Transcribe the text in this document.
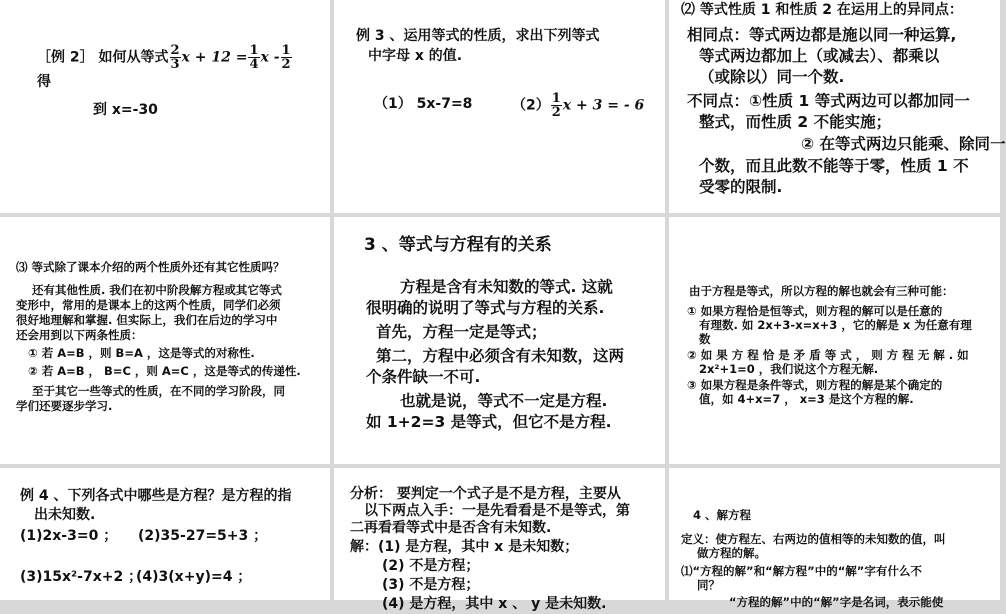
［例 2］ 如何从等式 $\frac{2}{3}$ $x + 12 = \frac{1}{4}$ x - $\frac{1}{2}$
得
到 x=-30
例 3 、运用等式的性质，求出下列等式
中字母 x 的值.
（1） 5x-7=8	$(2) \frac{1}{2}$ x + 3 = - 6
⑵ 等式性质 1 和性质 2 在运用上的异同点：
相同点：等式两边都是施以同一种运算,
等式两边都加上（或减去）、都乘以
（或除以）同一个数.
不同点：①性质 1 等式两边可以都加同一
整式，而性质 2 不能实施；
② 在等式两边只能乘、除同一
个数，而且此数不能等于零，性质 1 不
受零的限制.
⑶ 等式除了课本介绍的两个性质外还有其它性质吗？
还有其他性质. 我们在初中阶段解方程或其它等式
变形中，常用的是课本上的这两个性质，同学们必须
很好地理解和掌握. 但实际上，我们在后边的学习中
还会用到以下两条性质：
① 若 A=B ，则 B=A ，这是等式的对称性.
② 若 A=B ， B=C ，则 A=C ，这是等式的传递性.
至于其它一些等式的性质，在不同的学习阶段，同
学们还要逐步学习.
3 、等式与方程有的关系
方程是含有未知数的等式. 这就
很明确的说明了等式与方程的关系.
首先，方程一定是等式；
第二，方程中必须含有未知数，这两
个条件缺一不可.
也就是说，等式不一定是方程.
如 1+2=3 是等式，但它不是方程.
由于方程是等式，所以方程的解也就会有三种可能：
① 如果方程恰是恒等式，则方程的解可以是任意的
有理数. 如 2x+3-x=x+3 ，它的解是 x 为任意有理
数
② 如 果 方 程 恰 是 矛 盾 等 式 ， 则 方 程 无 解 . 如
2x²+1=0 ，我们说这个方程无解.
③ 如果方程是条件等式，则方程的解是某个确定的
值，如 4+x=7 ， x=3 是这个方程的解.
例 4 、下列各式中哪些是方程？是方程的指
出未知数.
(1)2x-3=0 ； (2)35-27=5+3 ；
(3)15x²-7x+2 ；
(4)3(x+y)=4 ；
分析： 要判定一个式子是不是方程，主要从
以下两点入手：一是先看看是不是等式，第
二再看看等式中是否含有未知数.
解：(1) 是方程，其中 x 是未知数；
(2) 不是方程；
(3) 不是方程；
(4) 是方程，其中 x 、 y 是未知数.
4 、解方程
定义：使方程左、右两边的值相等的未知数的值，叫
做方程的解。
⑴“方程的解”和“解方程”中的“解”字有什么不
同？
“方程的解”中的“解”字是名词，表示能使
